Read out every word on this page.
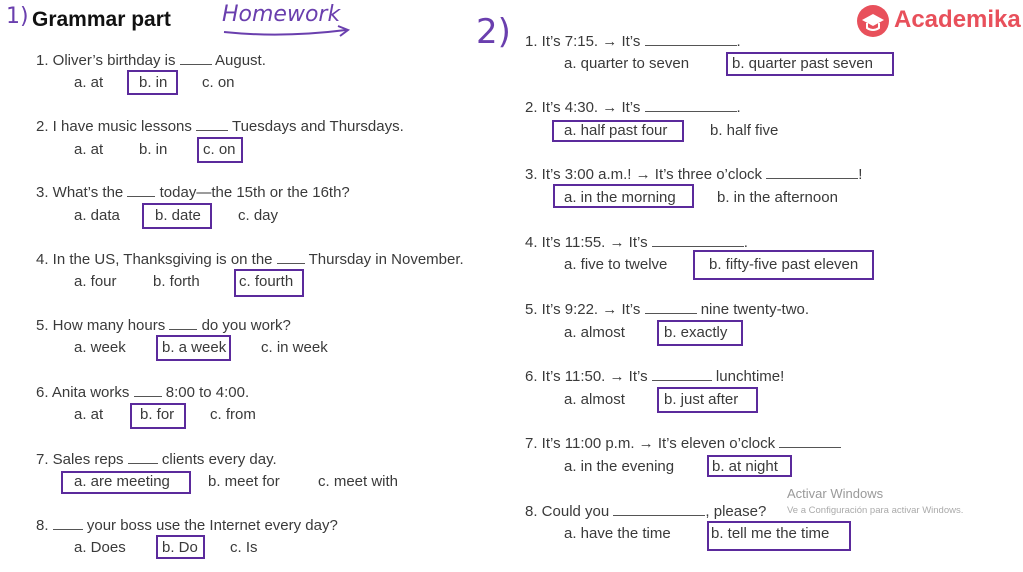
1) Grammar part Homework	2)	Academika
1. Oliver’s birthday is	August.
a. at b. in c. on
2. I have music lessons	Tuesdays and Thursdays.
a. at b. in c. on
3. What’s the today—the 15th or the 16th?
a. data b. date c. day
4. In the US, Thanksgiving is on the Thursday in November.
a. four b. forth	c. fourth
5. How many hours do you work?
a. week b. a week c. in week
6. Anita works 8:00 to 4:00.
a. at b. for c. from
7. Sales reps	clients every day.
a. are meeting	b. meet for	c. meet with
8.	your boss use the Internet every day?
a. Does b. Do c. Is
1. It’s 7:15. → It’s	.
a. quarter to seven	b. quarter past seven
2. It’s 4:30. → It’s	.
a. half past four	b. half five
3. It’s 3:00 a.m.! → It’s three o’clock	!
a. in the morning	b. in the afternoon
4. It’s 11:55. → It’s	.
a. five to twelve	b. fifty-five past eleven
5. It’s 9:22. → It’s	nine twenty-two.
a. almost	b. exactly
6. It’s 11:50. → It’s	lunchtime!
a. almost	b. just after
7. It’s 11:00 p.m. → It’s eleven o’clock
a. in the evening	b. at night
8. Could you	, please?
a. have the time	b. tell me the time
Activar Windows
Ve a Configuración para activar Windows.
